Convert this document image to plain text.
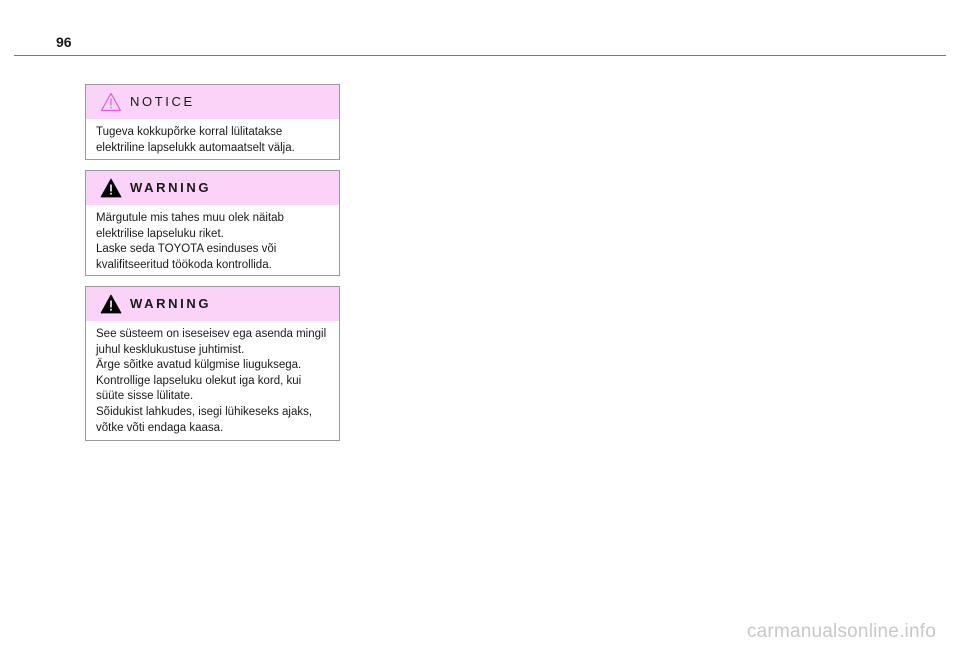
96
NOTICE
Tugeva kokkupõrke korral lülitatakse
elektriline lapselukk automaatselt välja.
WARNING
Märgutule mis tahes muu olek näitab
elektrilise lapseluku riket.
Laske seda TOYOTA esinduses või
kvalifitseeritud töökoda kontrollida.
WARNING
See süsteem on iseseisev ega asenda mingil
juhul kesklukustuse juhtimist.
Ärge sõitke avatud külgmise liuguksega.
Kontrollige lapseluku olekut iga kord, kui
süüte sisse lülitate.
Sõidukist lahkudes, isegi lühikeseks ajaks,
võtke võti endaga kaasa.
carmanualsonline.info
